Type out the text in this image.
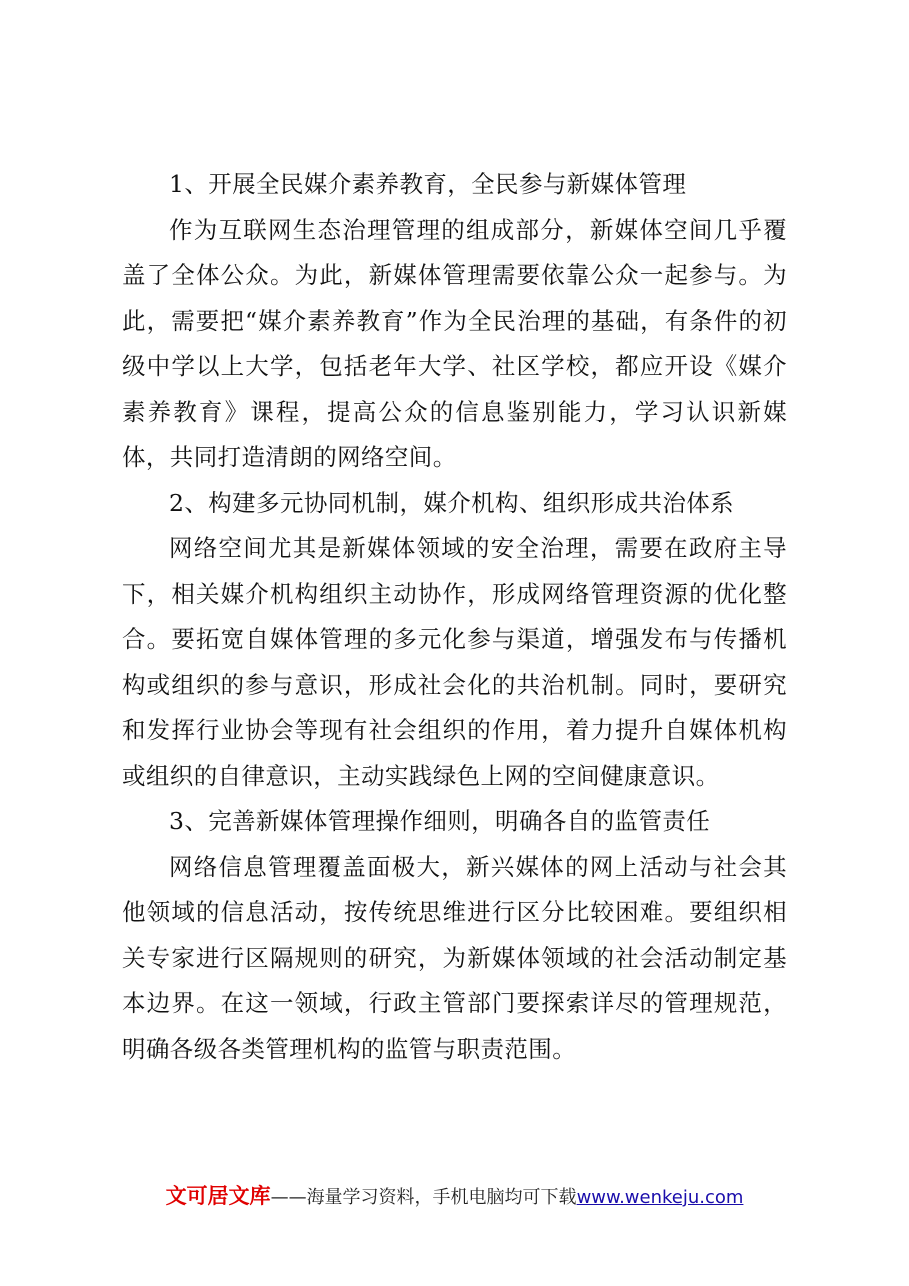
1、开展全民媒介素养教育，全民参与新媒体管理

作为互联网生态治理管理的组成部分，新媒体空间几乎覆盖了全体公众。为此，新媒体管理需要依靠公众一起参与。为此，需要把“媒介素养教育”作为全民治理的基础，有条件的初级中学以上大学，包括老年大学、社区学校，都应开设《媒介素养教育》课程，提高公众的信息鉴别能力，学习认识新媒体，共同打造清朗的网络空间。

2、构建多元协同机制，媒介机构、组织形成共治体系

网络空间尤其是新媒体领域的安全治理，需要在政府主导下，相关媒介机构组织主动协作，形成网络管理资源的优化整合。要拓宽自媒体管理的多元化参与渠道，增强发布与传播机构或组织的参与意识，形成社会化的共治机制。同时，要研究和发挥行业协会等现有社会组织的作用，着力提升自媒体机构或组织的自律意识，主动实践绿色上网的空间健康意识。

3、完善新媒体管理操作细则，明确各自的监管责任

网络信息管理覆盖面极大，新兴媒体的网上活动与社会其他领域的信息活动，按传统思维进行区分比较困难。要组织相关专家进行区隔规则的研究，为新媒体领域的社会活动制定基本边界。在这一领域，行政主管部门要探索详尽的管理规范，明确各级各类管理机构的监管与职责范围。

文可居文库——海量学习资料，手机电脑均可下载www.wenkeju.com
